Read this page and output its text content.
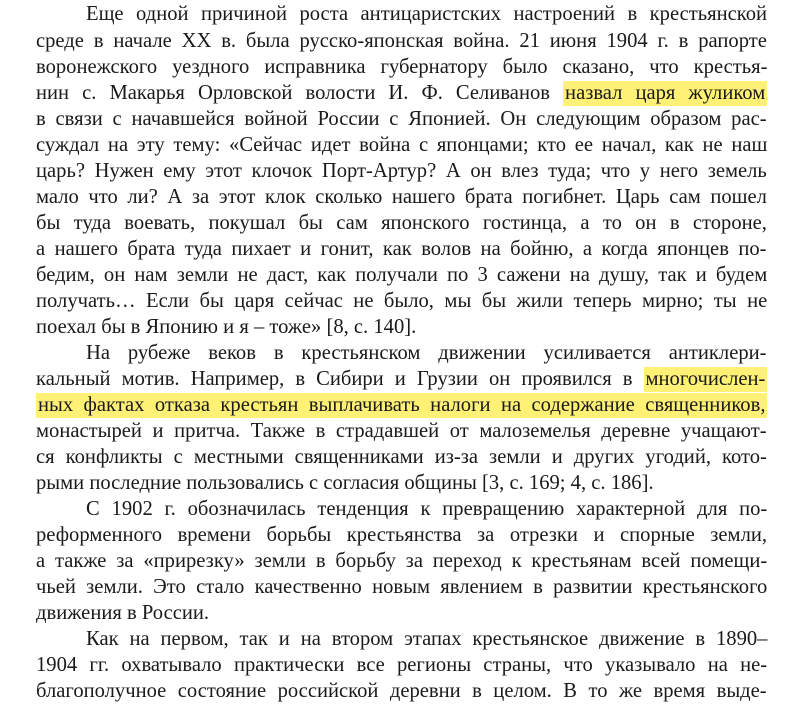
Еще одной причиной роста антицаристских настроений в крестьянской
среде в начале XX в. была русско-японская война. 21 июня 1904 г. в рапорте
воронежского уездного исправника губернатору было сказано, что крестья-
нин с. Макарья Орловской волости И. Ф. Селиванов назвал царя жуликом
в связи с начавшейся войной России с Японией. Он следующим образом рас-
суждал на эту тему: «Сейчас идет война с японцами; кто ее начал, как не наш
царь? Нужен ему этот клочок Порт-Артур? А он влез туда; что у него земель
мало что ли? А за этот клок сколько нашего брата погибнет. Царь сам пошел
бы туда воевать, покушал бы сам японского гостинца, а то он в стороне,
а нашего брата туда пихает и гонит, как волов на бойню, а когда японцев по-
бедим, он нам земли не даст, как получали по 3 сажени на душу, так и будем
получать… Если бы царя сейчас не было, мы бы жили теперь мирно; ты не
поехал бы в Японию и я – тоже» [8, с. 140].
На рубеже веков в крестьянском движении усиливается антиклери-
кальный мотив. Например, в Сибири и Грузии он проявился в многочислен-
ных фактах отказа крестьян выплачивать налоги на содержание священников,
монастырей и притча. Также в страдавшей от малоземелья деревне учащают-
ся конфликты с местными священниками из-за земли и других угодий, кото-
рыми последние пользовались с согласия общины [3, с. 169; 4, с. 186].
С 1902 г. обозначилась тенденция к превращению характерной для по-
реформенного времени борьбы крестьянства за отрезки и спорные земли,
а также за «прирезку» земли в борьбу за переход к крестьянам всей помещи-
чьей земли. Это стало качественно новым явлением в развитии крестьянского
движения в России.
Как на первом, так и на втором этапах крестьянское движение в 1890–
1904 гг. охватывало практически все регионы страны, что указывало на не-
благополучное состояние российской деревни в целом. В то же время выде-
